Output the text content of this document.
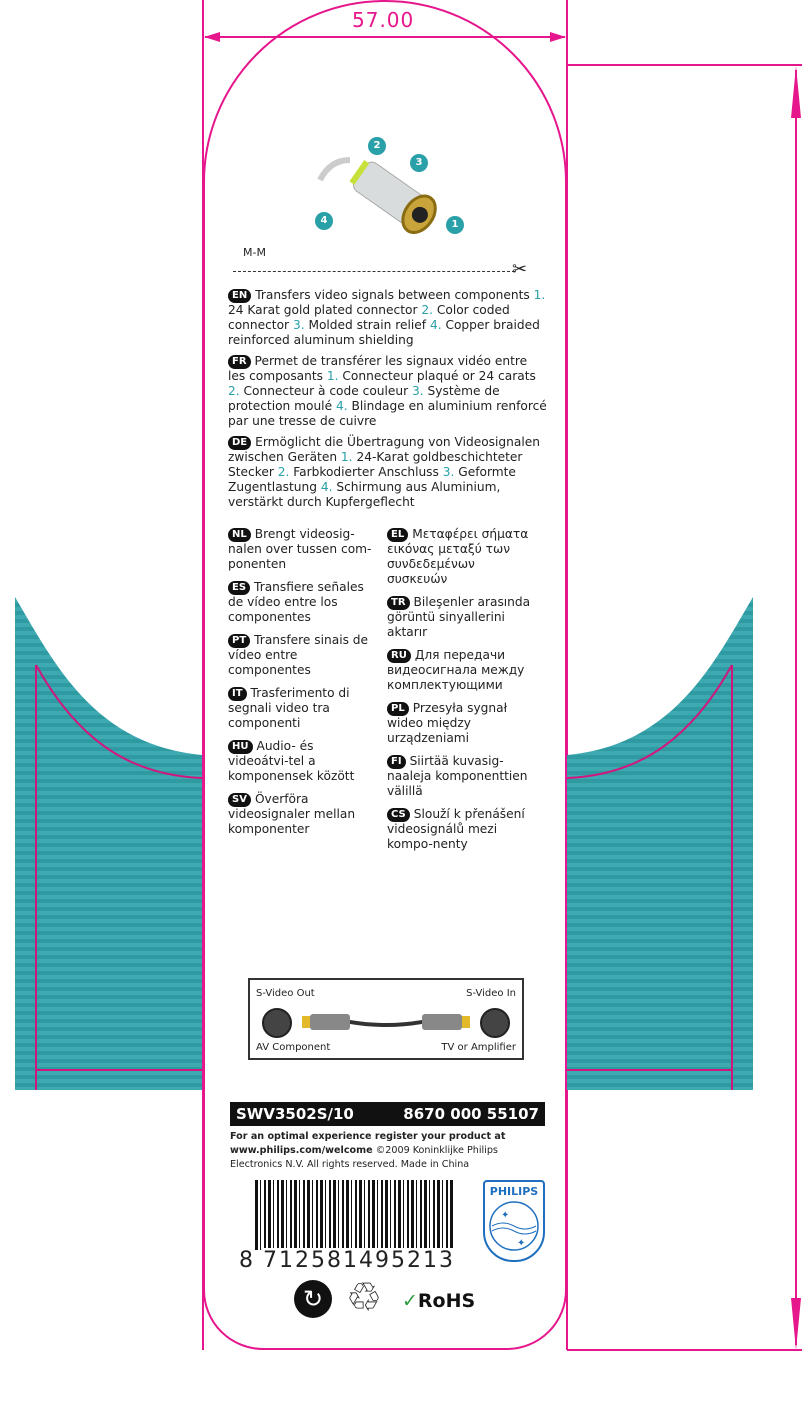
57.00
1
2
3
4
M-M
✂
EN Transfers video signals between components 1. 24 Karat gold plated connector 2. Color coded connector 3. Molded strain relief 4. Copper braided reinforced aluminum shielding
FR Permet de transférer les signaux vidéo entre les composants 1. Connecteur plaqué or 24 carats 2. Connecteur à code couleur 3. Système de protection moulé 4. Blindage en aluminium renforcé par une tresse de cuivre
DE Ermöglicht die Übertragung von Videosignalen zwischen Geräten 1. 24-Karat goldbeschichteter Stecker 2. Farbkodierter Anschluss 3. Geformte Zugentlastung 4. Schirmung aus Aluminium, verstärkt durch Kupfergeflecht
NL Brengt videosig-nalen over tussen com-ponenten
ES Transfiere señales de vídeo entre los componentes
PT Transfere sinais de vídeo entre componentes
IT Trasferimento di segnali video tra componenti
HU Audio- és videoátvi-tel a komponensek között
SV Överföra videosignaler mellan komponenter
EL Μεταφέρει σήματα εικόνας μεταξύ των συνδεδεμένων συσκευών
TR Bileşenler arasında görüntü sinyallerini aktarır
RU Для передачи видеосигнала между комплектующими
PL Przesyła sygnał wideo między urządzeniami
FI Siirtää kuvasig-naaleja komponenttien välillä
CS Slouží k přenášení videosignálů mezi kompo-nenty
S-Video Out	S-Video In
AV Component	TV or Amplifier
SWV3502S/10	8670 000 55107
For an optimal experience register your product at www.philips.com/welcome ©2009 Koninklijke Philips Electronics N.V. All rights reserved. Made in China
8 712581 495213
PHILIPS
✦
✦
↻ ♲ ✓RoHS
